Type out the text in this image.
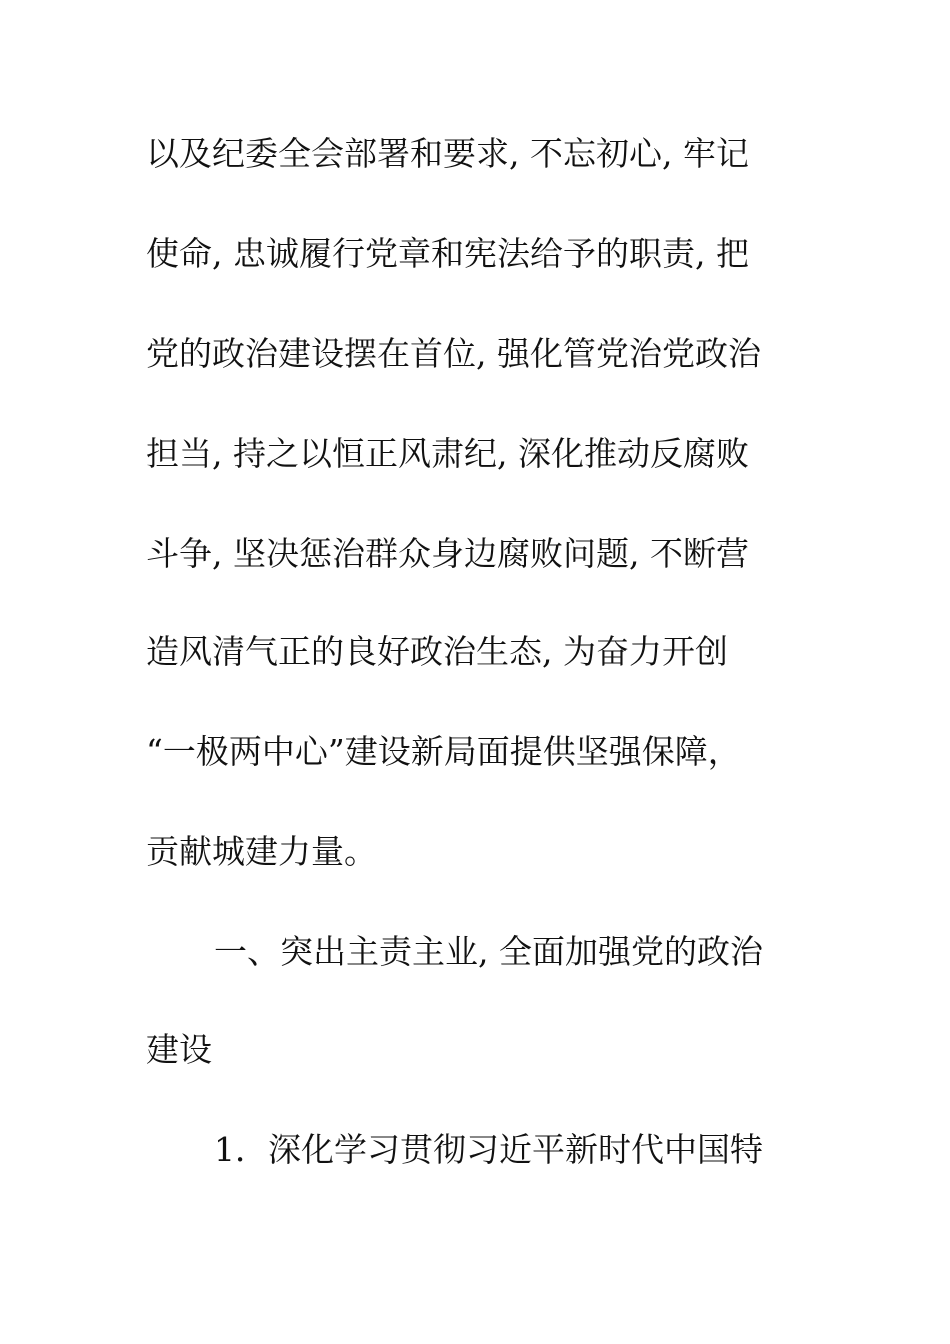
以及纪委全会部署和要求, 不忘初心, 牢记
使命, 忠诚履行党章和宪法给予的职责, 把
党的政治建设摆在首位, 强化管党治党政治
担当, 持之以恒正风肃纪, 深化推动反腐败
斗争, 坚决惩治群众身边腐败问题, 不断营
造风清气正的良好政治生态, 为奋力开创
“一极两中心”建设新局面提供坚强保障，
贡献城建力量。
一、突出主责主业, 全面加强党的政治
建设
1．深化学习贯彻习近平新时代中国特
